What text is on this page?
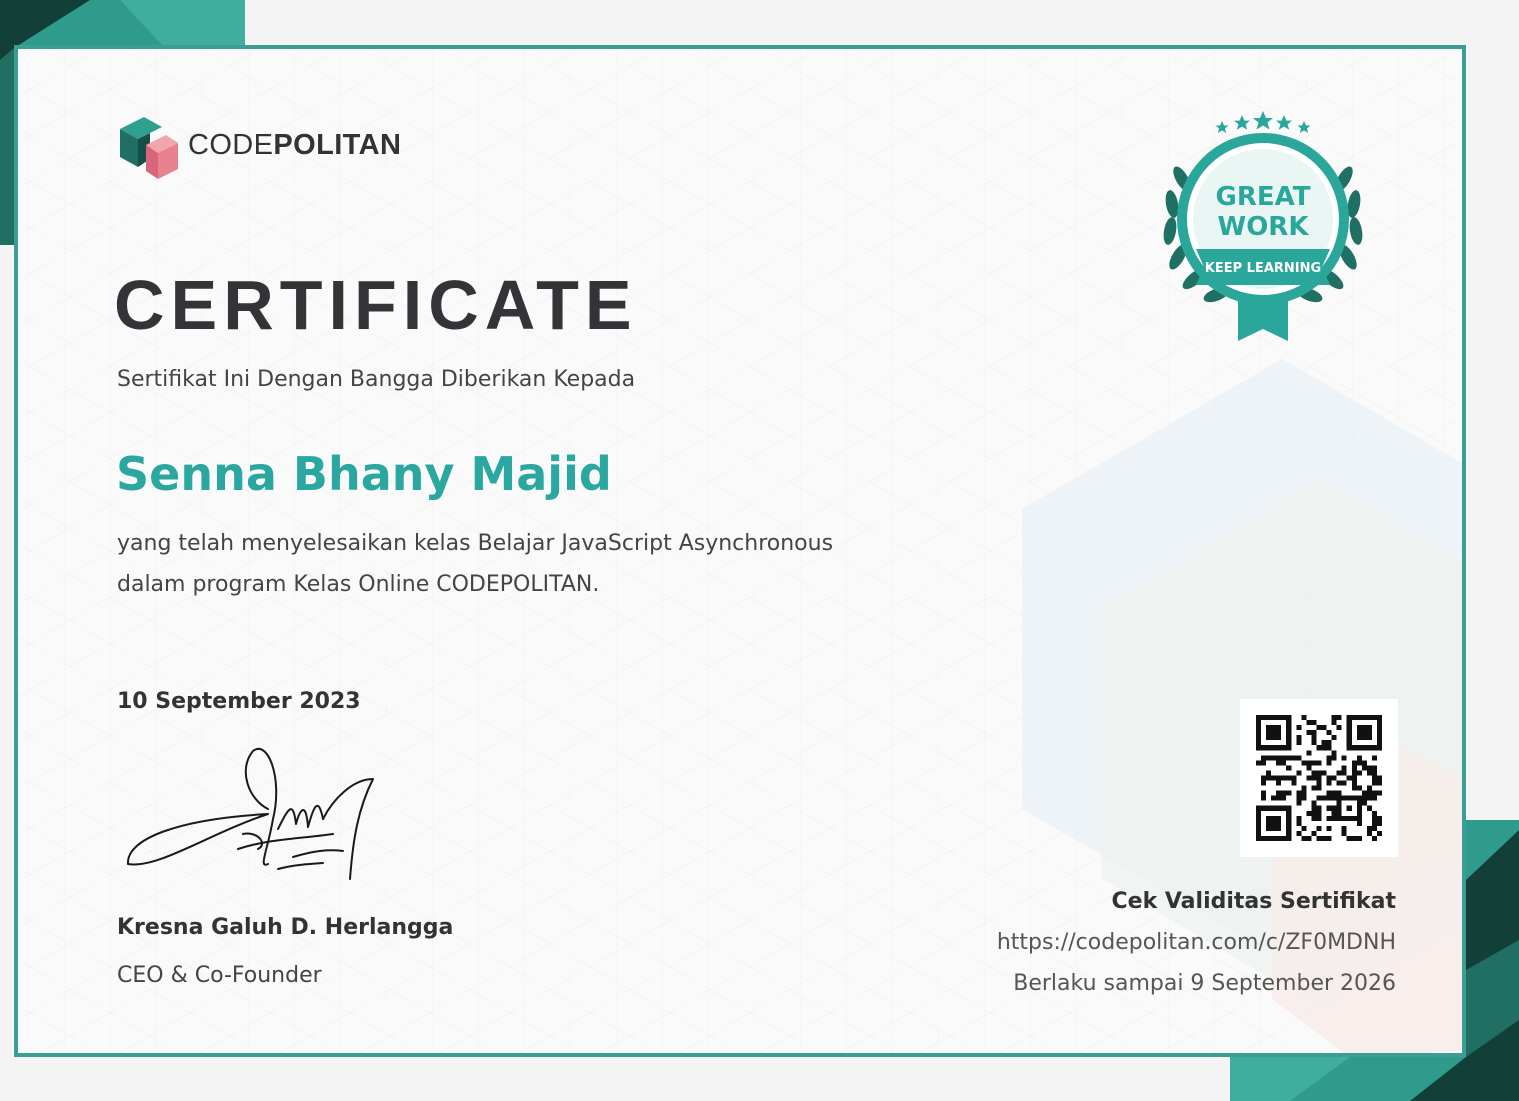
CODEPOLITAN
CERTIFICATE
Sertifikat Ini Dengan Bangga Diberikan Kepada
Senna Bhany Majid
yang telah menyelesaikan kelas Belajar JavaScript Asynchronous
dalam program Kelas Online CODEPOLITAN.
10 September 2023
Kresna Galuh D. Herlangga
CEO & Co-Founder
GREAT
WORK
KEEP LEARNING
Cek Validitas Sertifikat
https://codepolitan.com/c/ZF0MDNH
Berlaku sampai 9 September 2026
